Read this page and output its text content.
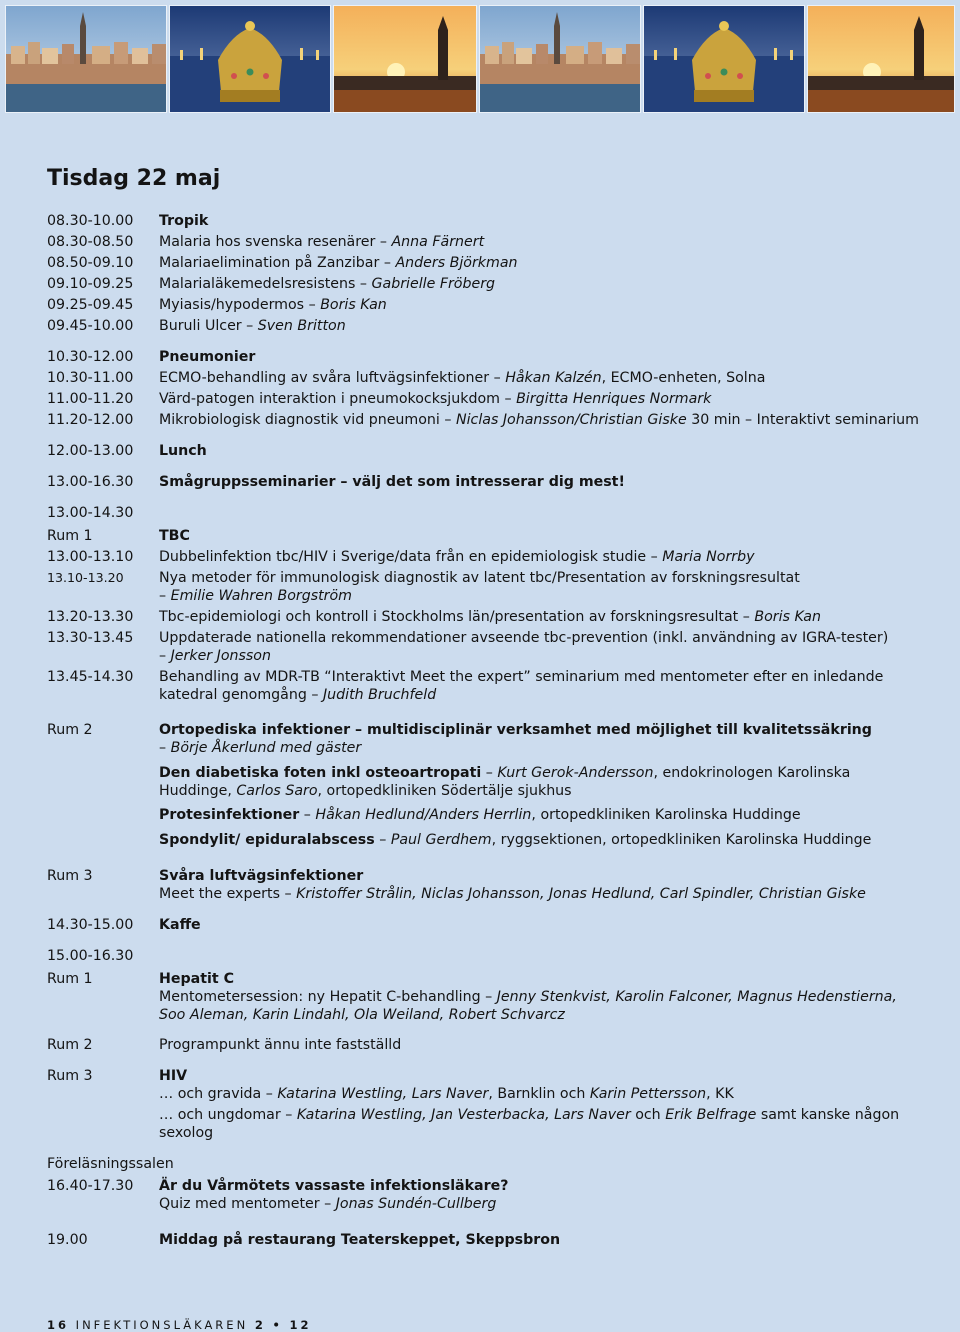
Tisdag 22 maj
08.30-10.00 Tropik
08.30-08.50 Malaria hos svenska resenärer – Anna Färnert
08.50-09.10 Malariaelimination på Zanzibar – Anders Björkman
09.10-09.25 Malarialäkemedelsresistens – Gabrielle Fröberg
09.25-09.45 Myiasis/hypodermos – Boris Kan
09.45-10.00 Buruli Ulcer – Sven Britton
10.30-12.00 Pneumonier
10.30-11.00 ECMO-behandling av svåra luftvägsinfektioner – Håkan Kalzén, ECMO-enheten, Solna
11.00-11.20 Värd-patogen interaktion i pneumokocksjukdom – Birgitta Henriques Normark
11.20-12.00 Mikrobiologisk diagnostik vid pneumoni – Niclas Johansson/Christian Giske 30 min – Interaktivt seminarium
12.00-13.00 Lunch
13.00-16.30 Smågruppsseminarier – välj det som intresserar dig mest!
13.00-14.30
Rum 1	TBC
13.00-13.10 Dubbelinfektion tbc/HIV i Sverige/data från en epidemiologisk studie – Maria Norrby
13.10-13.20 Nya metoder för immunologisk diagnostik av latent tbc/Presentation av forskningsresultat
– Emilie Wahren Borgström
13.20-13.30 Tbc-epidemiologi och kontroll i Stockholms län/presentation av forskningsresultat – Boris Kan
13.30-13.45 Uppdaterade nationella rekommendationer avseende tbc-prevention (inkl. användning av IGRA-tester)
– Jerker Jonsson
13.45-14.30 Behandling av MDR-TB “Interaktivt Meet the expert” seminarium med mentometer efter en inledande
katedral genomgång – Judith Bruchfeld
Rum 2	Ortopediska infektioner – multidisciplinär verksamhet med möjlighet till kvalitetssäkring
– Börje Åkerlund med gäster
Den diabetiska foten inkl osteoartropati – Kurt Gerok-Andersson, endokrinologen Karolinska
Huddinge, Carlos Saro, ortopedkliniken Södertälje sjukhus
Protesinfektioner – Håkan Hedlund/Anders Herrlin, ortopedkliniken Karolinska Huddinge
Spondylit/ epiduralabscess – Paul Gerdhem, ryggsektionen, ortopedkliniken Karolinska Huddinge
Rum 3	Svåra luftvägsinfektioner
Meet the experts – Kristoffer Strålin, Niclas Johansson, Jonas Hedlund, Carl Spindler, Christian Giske
14.30-15.00 Kaffe
15.00-16.30
Rum 1	Hepatit C
Mentometersession: ny Hepatit C-behandling – Jenny Stenkvist, Karolin Falconer, Magnus Hedenstierna,
Soo Aleman, Karin Lindahl, Ola Weiland, Robert Schvarcz
Rum 2	Programpunkt ännu inte fastställd
Rum 3	HIV
… och gravida – Katarina Westling, Lars Naver, Barnklin och Karin Pettersson, KK
… och ungdomar – Katarina Westling, Jan Vesterbacka, Lars Naver och Erik Belfrage samt kanske någon
sexolog
Föreläsningssalen
16.40-17.30 Är du Vårmötets vassaste infektionsläkare?
Quiz med mentometer – Jonas Sundén-Cullberg
19.00	Middag på restaurang Teaterskeppet, Skeppsbron
16 INFEKTIONSLÄKAREN 2 • 12
